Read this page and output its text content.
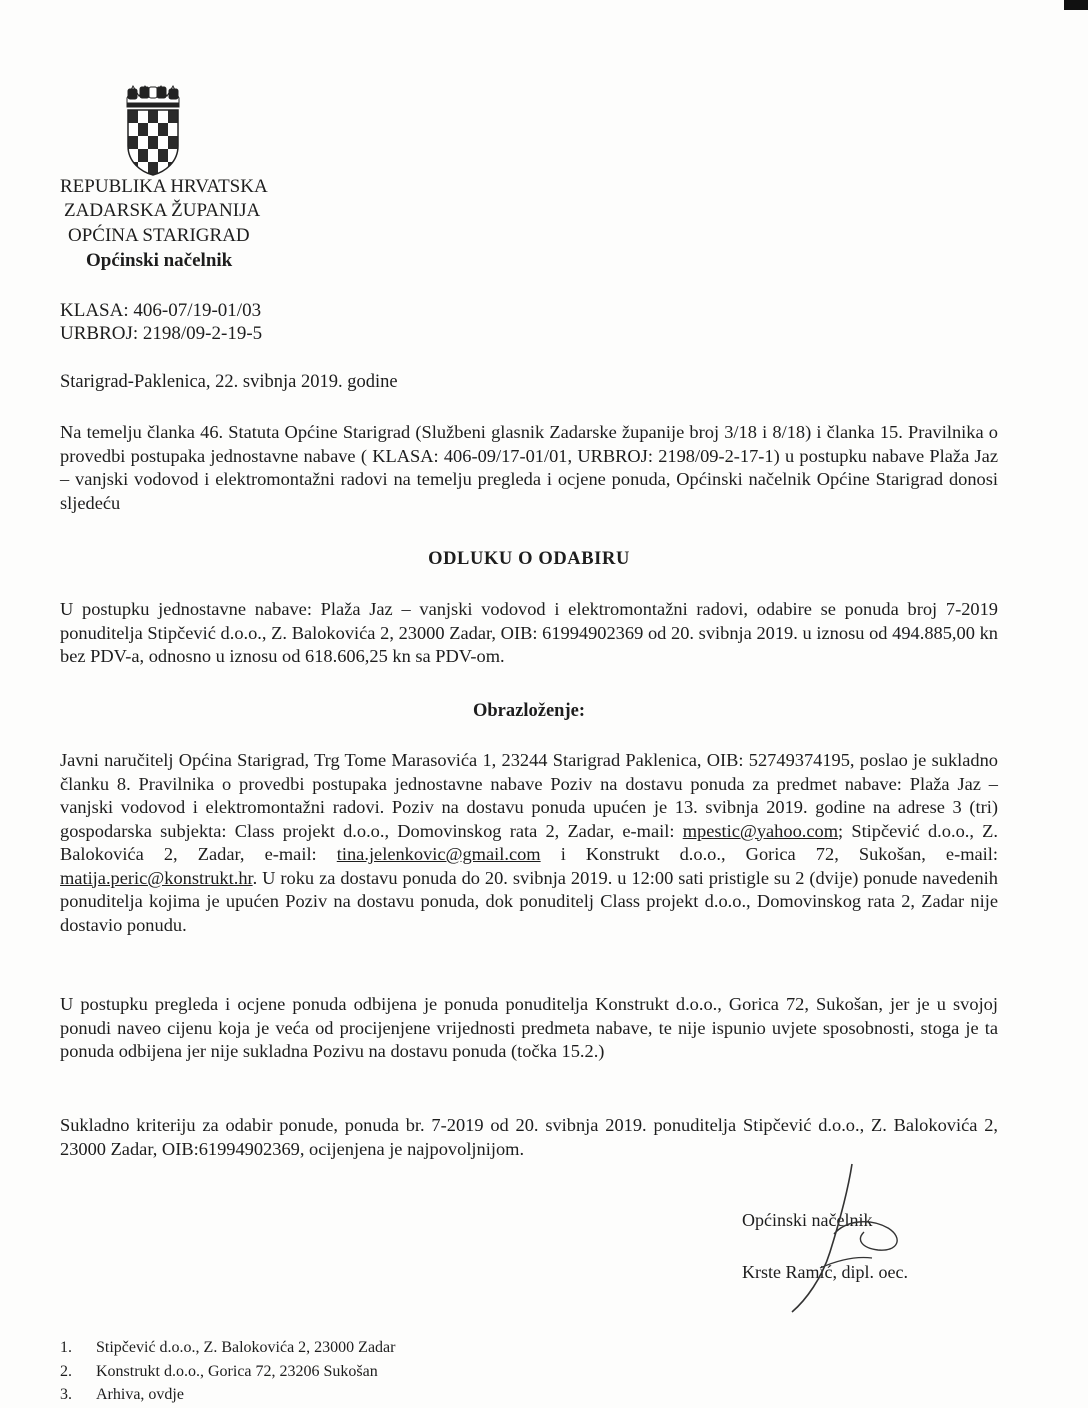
REPUBLIKA HRVATSKA
ZADARSKA ŽUPANIJA
OPĆINA STARIGRAD
Općinski načelnik
KLASA: 406-07/19-01/03
URBROJ: 2198/09-2-19-5
Starigrad-Paklenica, 22. svibnja 2019. godine
Na temelju članka 46. Statuta Općine Starigrad (Službeni glasnik Zadarske županije broj 3/18 i 8/18) i članka 15. Pravilnika o provedbi postupaka jednostavne nabave ( KLASA: 406-09/17-01/01, URBROJ: 2198/09-2-17-1) u postupku nabave Plaža Jaz – vanjski vodovod i elektromontažni radovi na temelju pregleda i ocjene ponuda, Općinski načelnik Općine Starigrad donosi sljedeću
ODLUKU O ODABIRU
U postupku jednostavne nabave: Plaža Jaz – vanjski vodovod i elektromontažni radovi, odabire se ponuda broj 7-2019 ponuditelja Stipčević d.o.o., Z. Balokovića 2, 23000 Zadar, OIB: 61994902369 od 20. svibnja 2019. u iznosu od 494.885,00 kn bez PDV-a, odnosno u iznosu od 618.606,25 kn sa PDV-om.
Obrazloženje:
Javni naručitelj Općina Starigrad, Trg Tome Marasovića 1, 23244 Starigrad Paklenica, OIB: 52749374195, poslao je sukladno članku 8. Pravilnika o provedbi postupaka jednostavne nabave Poziv na dostavu ponuda za predmet nabave: Plaža Jaz – vanjski vodovod i elektromontažni radovi. Poziv na dostavu ponuda upućen je 13. svibnja 2019. godine na adrese 3 (tri) gospodarska subjekta: Class projekt d.o.o., Domovinskog rata 2, Zadar, e-mail: mpestic@yahoo.com; Stipčević d.o.o., Z. Balokovića 2, Zadar, e-mail: tina.jelenkovic@gmail.com i Konstrukt d.o.o., Gorica 72, Sukošan, e-mail: matija.peric@konstrukt.hr. U roku za dostavu ponuda do 20. svibnja 2019. u 12:00 sati pristigle su 2 (dvije) ponude navedenih ponuditelja kojima je upućen Poziv na dostavu ponuda, dok ponuditelj Class projekt d.o.o., Domovinskog rata 2, Zadar nije dostavio ponudu.
U postupku pregleda i ocjene ponuda odbijena je ponuda ponuditelja Konstrukt d.o.o., Gorica 72, Sukošan, jer je u svojoj ponudi naveo cijenu koja je veća od procijenjene vrijednosti predmeta nabave, te nije ispunio uvjete sposobnosti, stoga je ta ponuda odbijena jer nije sukladna Pozivu na dostavu ponuda (točka 15.2.)
Sukladno kriteriju za odabir ponude, ponuda br. 7-2019 od 20. svibnja 2019. ponuditelja Stipčević d.o.o., Z. Balokovića 2, 23000 Zadar, OIB:61994902369, ocijenjena je najpovoljnijom.
Općinski načelnik
Krste Ramić, dipl. oec.
1. Stipčević d.o.o., Z. Balokovića 2, 23000 Zadar
2. Konstrukt d.o.o., Gorica 72, 23206 Sukošan
3. Arhiva, ovdje
